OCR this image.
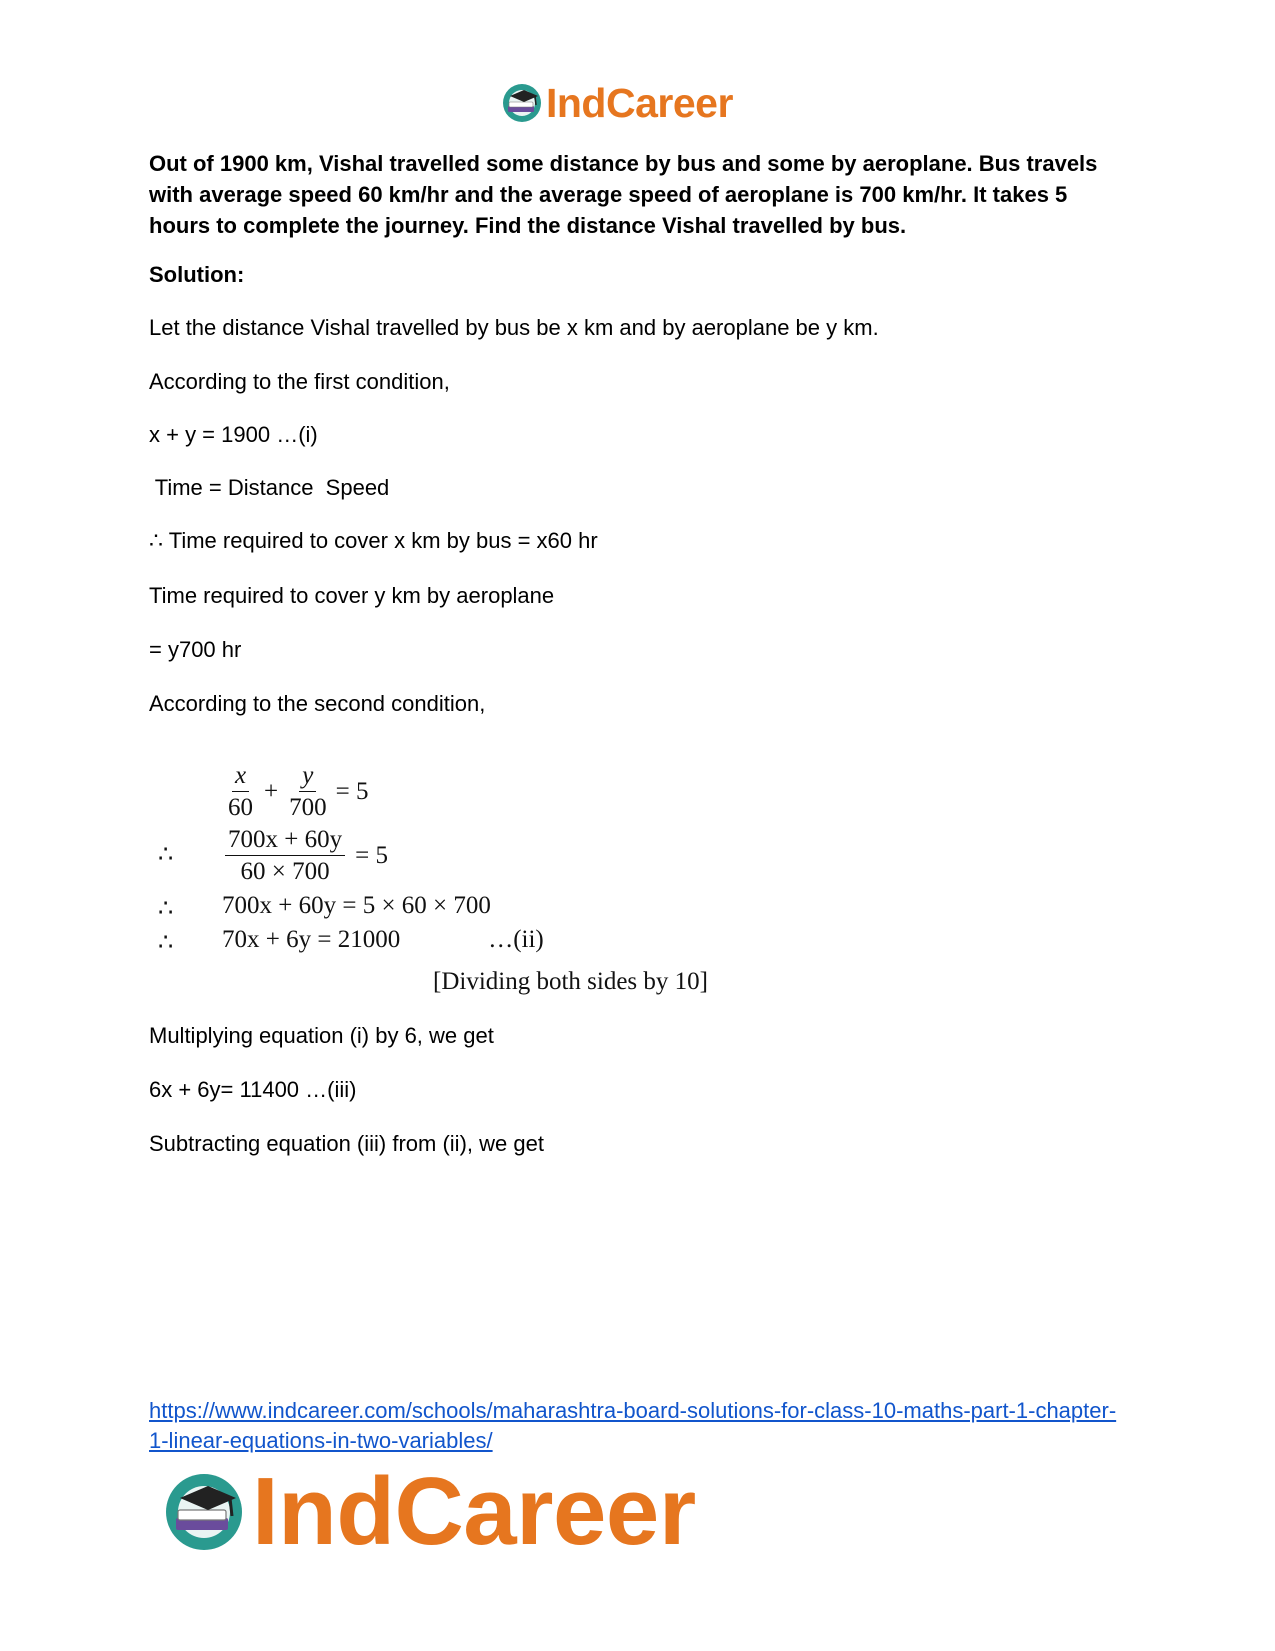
IndCareer
Out of 1900 km, Vishal travelled some distance by bus and some by aeroplane. Bus travels with average speed 60 km/hr and the average speed of aeroplane is 700 km/hr. It takes 5 hours to complete the journey. Find the distance Vishal travelled by bus.
Solution:
Let the distance Vishal travelled by bus be x km and by aeroplane be y km.
According to the first condition,
x + y = 1900 …(i)
Time = Distance  Speed
∴ Time required to cover x km by bus = x60 hr
Time required to cover y km by aeroplane
= y700 hr
According to the second condition,
$\frac{x}{60} + \frac{y}{700} = 5$
∴ $\frac{700x + 60y}{60 \times 700} = 5$
∴ 700x + 60y = 5 × 60 × 700
∴ 70x + 6y = 21000	…(ii)
[Dividing both sides by 10]
Multiplying equation (i) by 6, we get
6x + 6y= 11400 …(iii)
Subtracting equation (iii) from (ii), we get
https://www.indcareer.com/schools/maharashtra-board-solutions-for-class-10-maths-part-1-chapter-1-linear-equations-in-two-variables/
IndCareer
